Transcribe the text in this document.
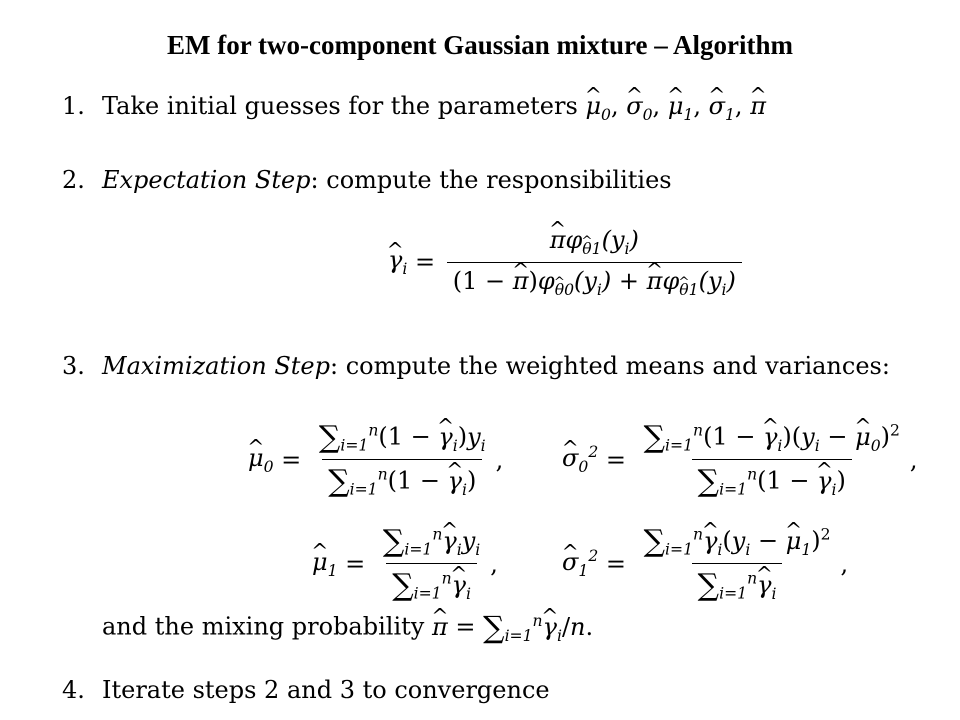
EM for two-component Gaussian mixture – Algorithm
1. Take initial guesses for the parameters ^ $\mu_0$, ^ $\sigma_0$, ^ $\mu_1$, ^ $\sigma_1$, ^ π
2. Expectation Step: compute the responsibilities
^ $\gamma_i$ = ^ $\frac{\pi\varphi\^{} _{\theta 1}(y_i)}{(1 - \^{} \pi)\varphi\^{} _{\theta 0}(y_i) + \^{} \pi\varphi\^{} _{\theta 1}(y_i)}$
3. Maximization Step: compute the weighted means and variances:
^ $\mu_0 = \frac{\sum_{i=1}^n(1 - \^{} \gamma_i)y_i}{\sum_{i=1}^n(1 - \^{} \gamma_i)}$ , ^ $\sigma_0^2 = \frac{\sum_{i=1}^n(1 - \^{} \gamma_i)(y_i - \^{} \mu_0)^2}{\sum_{i=1}^n(1 - \^{} \gamma_i)}$ ,
^ $\mu_1 = \frac{\sum_{i=1}^n\^{} \gamma_iy_i}{\sum_{i=1}^n\^{} \gamma_i}$ ,	^ $\sigma_1^2 = \frac{\sum_{i=1}^n\^{} \gamma_i(y_i - \^{} \mu_1)^2}{\sum_{i=1}^n\^{} \gamma_i}$ ,
and the mixing probability ^ $\pi = \sum_{i=1}^n\^{}$ $\gamma_i/n$.
4. Iterate steps 2 and 3 to convergence
